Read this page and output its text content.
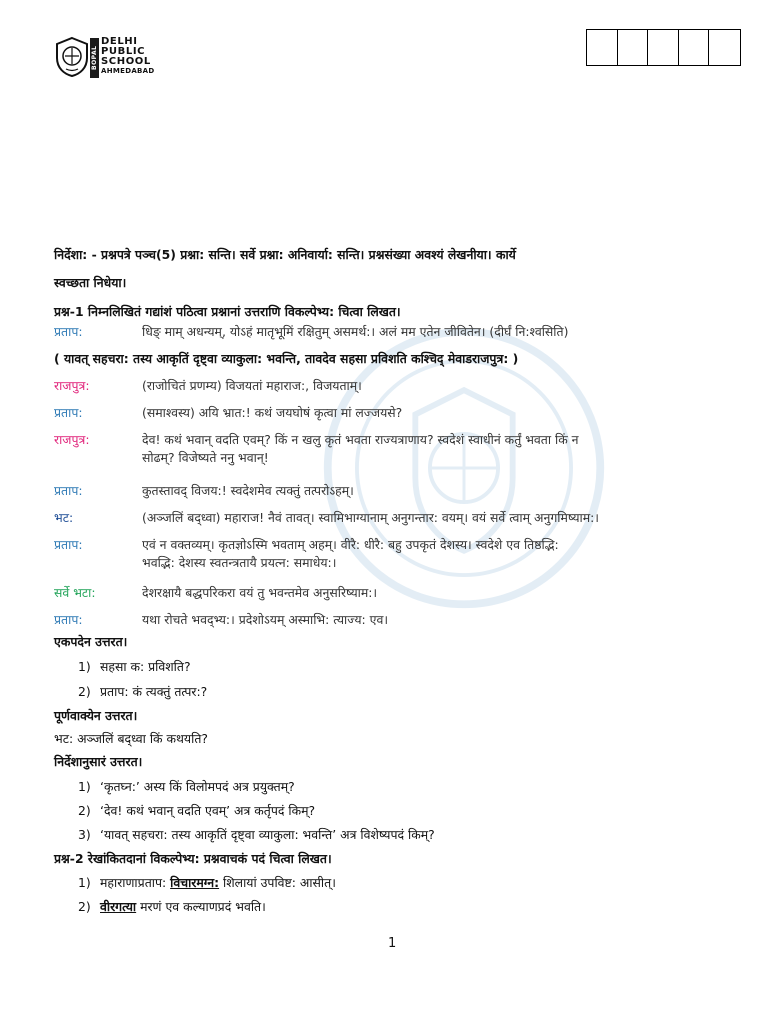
BOPAL
DELHI
PUBLIC
SCHOOL
AHMEDABAD
निर्देशा: - प्रश्नपत्रे पञ्च(5) प्रश्ना: सन्ति। सर्वे प्रश्ना: अनिवार्या: सन्ति। प्रश्नसंख्या अवश्यं लेखनीया। कार्ये
स्वच्छता निधेया।
प्रश्न-1 निम्नलिखितं गद्यांशं पठित्वा प्रश्नानां उत्तराणि विकल्पेभ्य: चित्वा लिखत।
प्रताप:	धिङ् माम् अधन्यम्, योऽहं मातृभूमिं रक्षितुम् असमर्थ:। अलं मम एतेन जीवितेन। (दीर्घं नि:श्वसिति)
( यावत् सहचरा: तस्य आकृतिं दृष्ट्वा व्याकुला: भवन्ति, तावदेव सहसा प्रविशति कश्चिद् मेवाडराजपुत्र: )
राजपुत्र:	(राजोचितं प्रणम्य) विजयतां महाराज:, विजयताम्।
प्रताप:	(समाश्वस्य) अयि भ्रात:! कथं जयघोषं कृत्वा मां लज्जयसे?
राजपुत्र:	देव! कथं भवान् वदति एवम्? किं न खलु कृतं भवता राज्यत्राणाय? स्वदेशं स्वाधीनं कर्तुं भवता किं न
सोढम्? विजेष्यते ननु भवान्!
प्रताप:	कुतस्तावद् विजय:! स्वदेशमेव त्यक्तुं तत्परोऽहम्।
भट:	(अञ्जलिं बद्ध्वा) महाराज! नैवं तावत्। स्वामिभाग्यानाम् अनुगन्तार: वयम्। वयं सर्वे त्वाम् अनुगमिष्याम:।
प्रताप:	एवं न वक्तव्यम्। कृतज्ञोऽस्मि भवताम् अहम्। वीरै: धीरै: बहु उपकृतं देशस्य। स्वदेशे एव तिष्ठद्भि:
भवद्भि: देशस्य स्वतन्त्रतायै प्रयत्न: समाधेय:।
सर्वे भटा:	देशरक्षायै बद्धपरिकरा वयं तु भवन्तमेव अनुसरिष्याम:।
प्रताप:	यथा रोचते भवद्भ्य:। प्रदेशोऽयम् अस्माभि: त्याज्य: एव।
एकपदेन उत्तरत।
1) सहसा क: प्रविशति?
2) प्रताप: कं त्यक्तुं तत्पर:?
पूर्णवाक्येन उत्तरत।
भट: अञ्जलिं बद्ध्वा किं कथयति?
निर्देशानुसारं उत्तरत।
1) ‘कृतघ्न:’ अस्य किं विलोमपदं अत्र प्रयुक्तम्?
2) ‘देव! कथं भवान् वदति एवम्’ अत्र कर्तृपदं किम्?
3) ‘यावत् सहचरा: तस्य आकृतिं दृष्ट्वा व्याकुला: भवन्ति’ अत्र विशेष्यपदं किम्?
प्रश्न-2 रेखांकितदानां विकल्पेभ्य: प्रश्नवाचकं पदं चित्वा लिखत।
1) महाराणाप्रताप: विचारमग्न: शिलायां उपविष्ट: आसीत्।
2) वीरगत्या मरणं एव कल्याणप्रदं भवति।
1
